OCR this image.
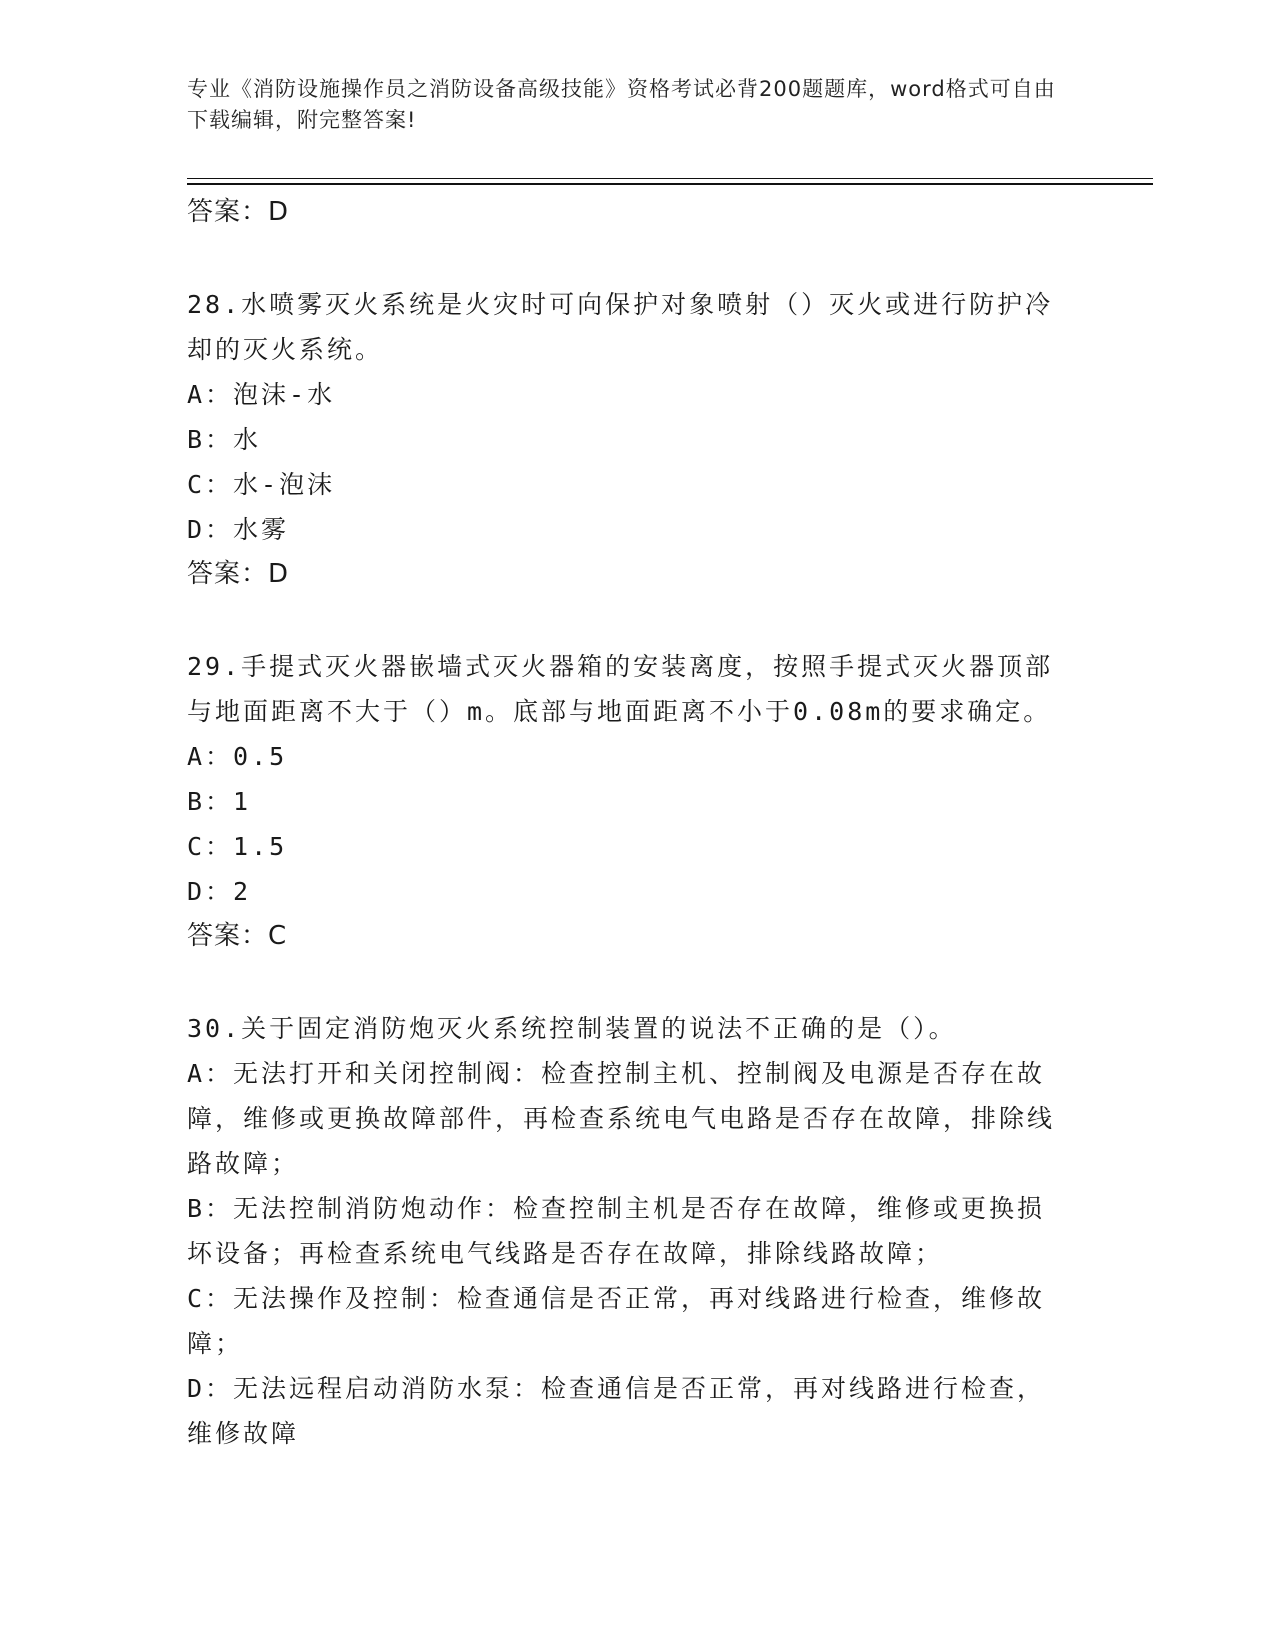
专业《消防设施操作员之消防设备高级技能》资格考试必背200题题库，word格式可自由下载编辑，附完整答案!
答案：D
28.水喷雾灭火系统是火灾时可向保护对象喷射（）灭火或进行防护冷却的灭火系统。
A：泡沫-水
B：水
C：水-泡沫
D：水雾
答案：D
29.手提式灭火器嵌墙式灭火器箱的安装离度，按照手提式灭火器顶部与地面距离不大于（）m。底部与地面距离不小于0.08m的要求确定。
A：0.5
B：1
C：1.5
D：2
答案：C
30.关于固定消防炮灭火系统控制装置的说法不正确的是（）。
A：无法打开和关闭控制阀：检查控制主机、控制阀及电源是否存在故障，维修或更换故障部件，再检查系统电气电路是否存在故障，排除线路故障；
B：无法控制消防炮动作：检查控制主机是否存在故障，维修或更换损坏设备；再检查系统电气线路是否存在故障，排除线路故障；
C：无法操作及控制：检查通信是否正常，再对线路进行检查，维修故障；
D：无法远程启动消防水泵：检查通信是否正常，再对线路进行检查，维修故障
